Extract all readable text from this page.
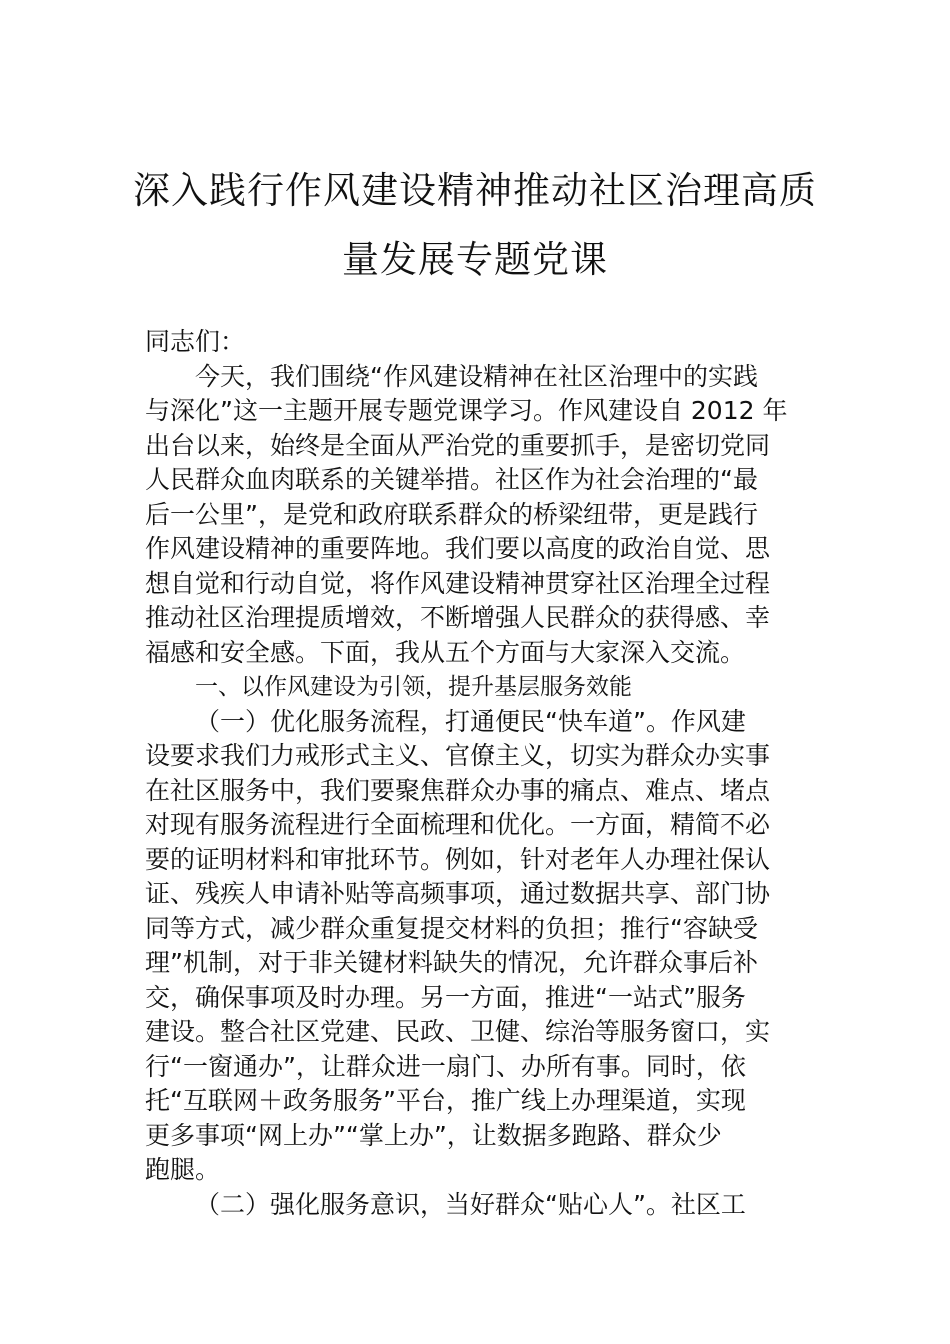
深入践行作风建设精神推动社区治理高质
量发展专题党课
同志们：
今天，我们围绕“作风建设精神在社区治理中的实践
与深化”这一主题开展专题党课学习。作风建设自 2012 年
出台以来，始终是全面从严治党的重要抓手，是密切党同
人民群众血肉联系的关键举措。社区作为社会治理的“最
后一公里”，是党和政府联系群众的桥梁纽带，更是践行
作风建设精神的重要阵地。我们要以高度的政治自觉、思
想自觉和行动自觉，将作风建设精神贯穿社区治理全过程
推动社区治理提质增效，不断增强人民群众的获得感、幸
福感和安全感。下面，我从五个方面与大家深入交流。
一、以作风建设为引领，提升基层服务效能
（一）优化服务流程，打通便民“快车道”。作风建
设要求我们力戒形式主义、官僚主义，切实为群众办实事
在社区服务中，我们要聚焦群众办事的痛点、难点、堵点
对现有服务流程进行全面梳理和优化。一方面，精简不必
要的证明材料和审批环节。例如，针对老年人办理社保认
证、残疾人申请补贴等高频事项，通过数据共享、部门协
同等方式，减少群众重复提交材料的负担；推行“容缺受
理”机制，对于非关键材料缺失的情况，允许群众事后补
交，确保事项及时办理。另一方面，推进“一站式”服务
建设。整合社区党建、民政、卫健、综治等服务窗口，实
行“一窗通办”，让群众进一扇门、办所有事。同时，依
托“互联网＋政务服务”平台，推广线上办理渠道，实现
更多事项“网上办”“掌上办”，让数据多跑路、群众少
跑腿。
（二）强化服务意识，当好群众“贴心人”。社区工
